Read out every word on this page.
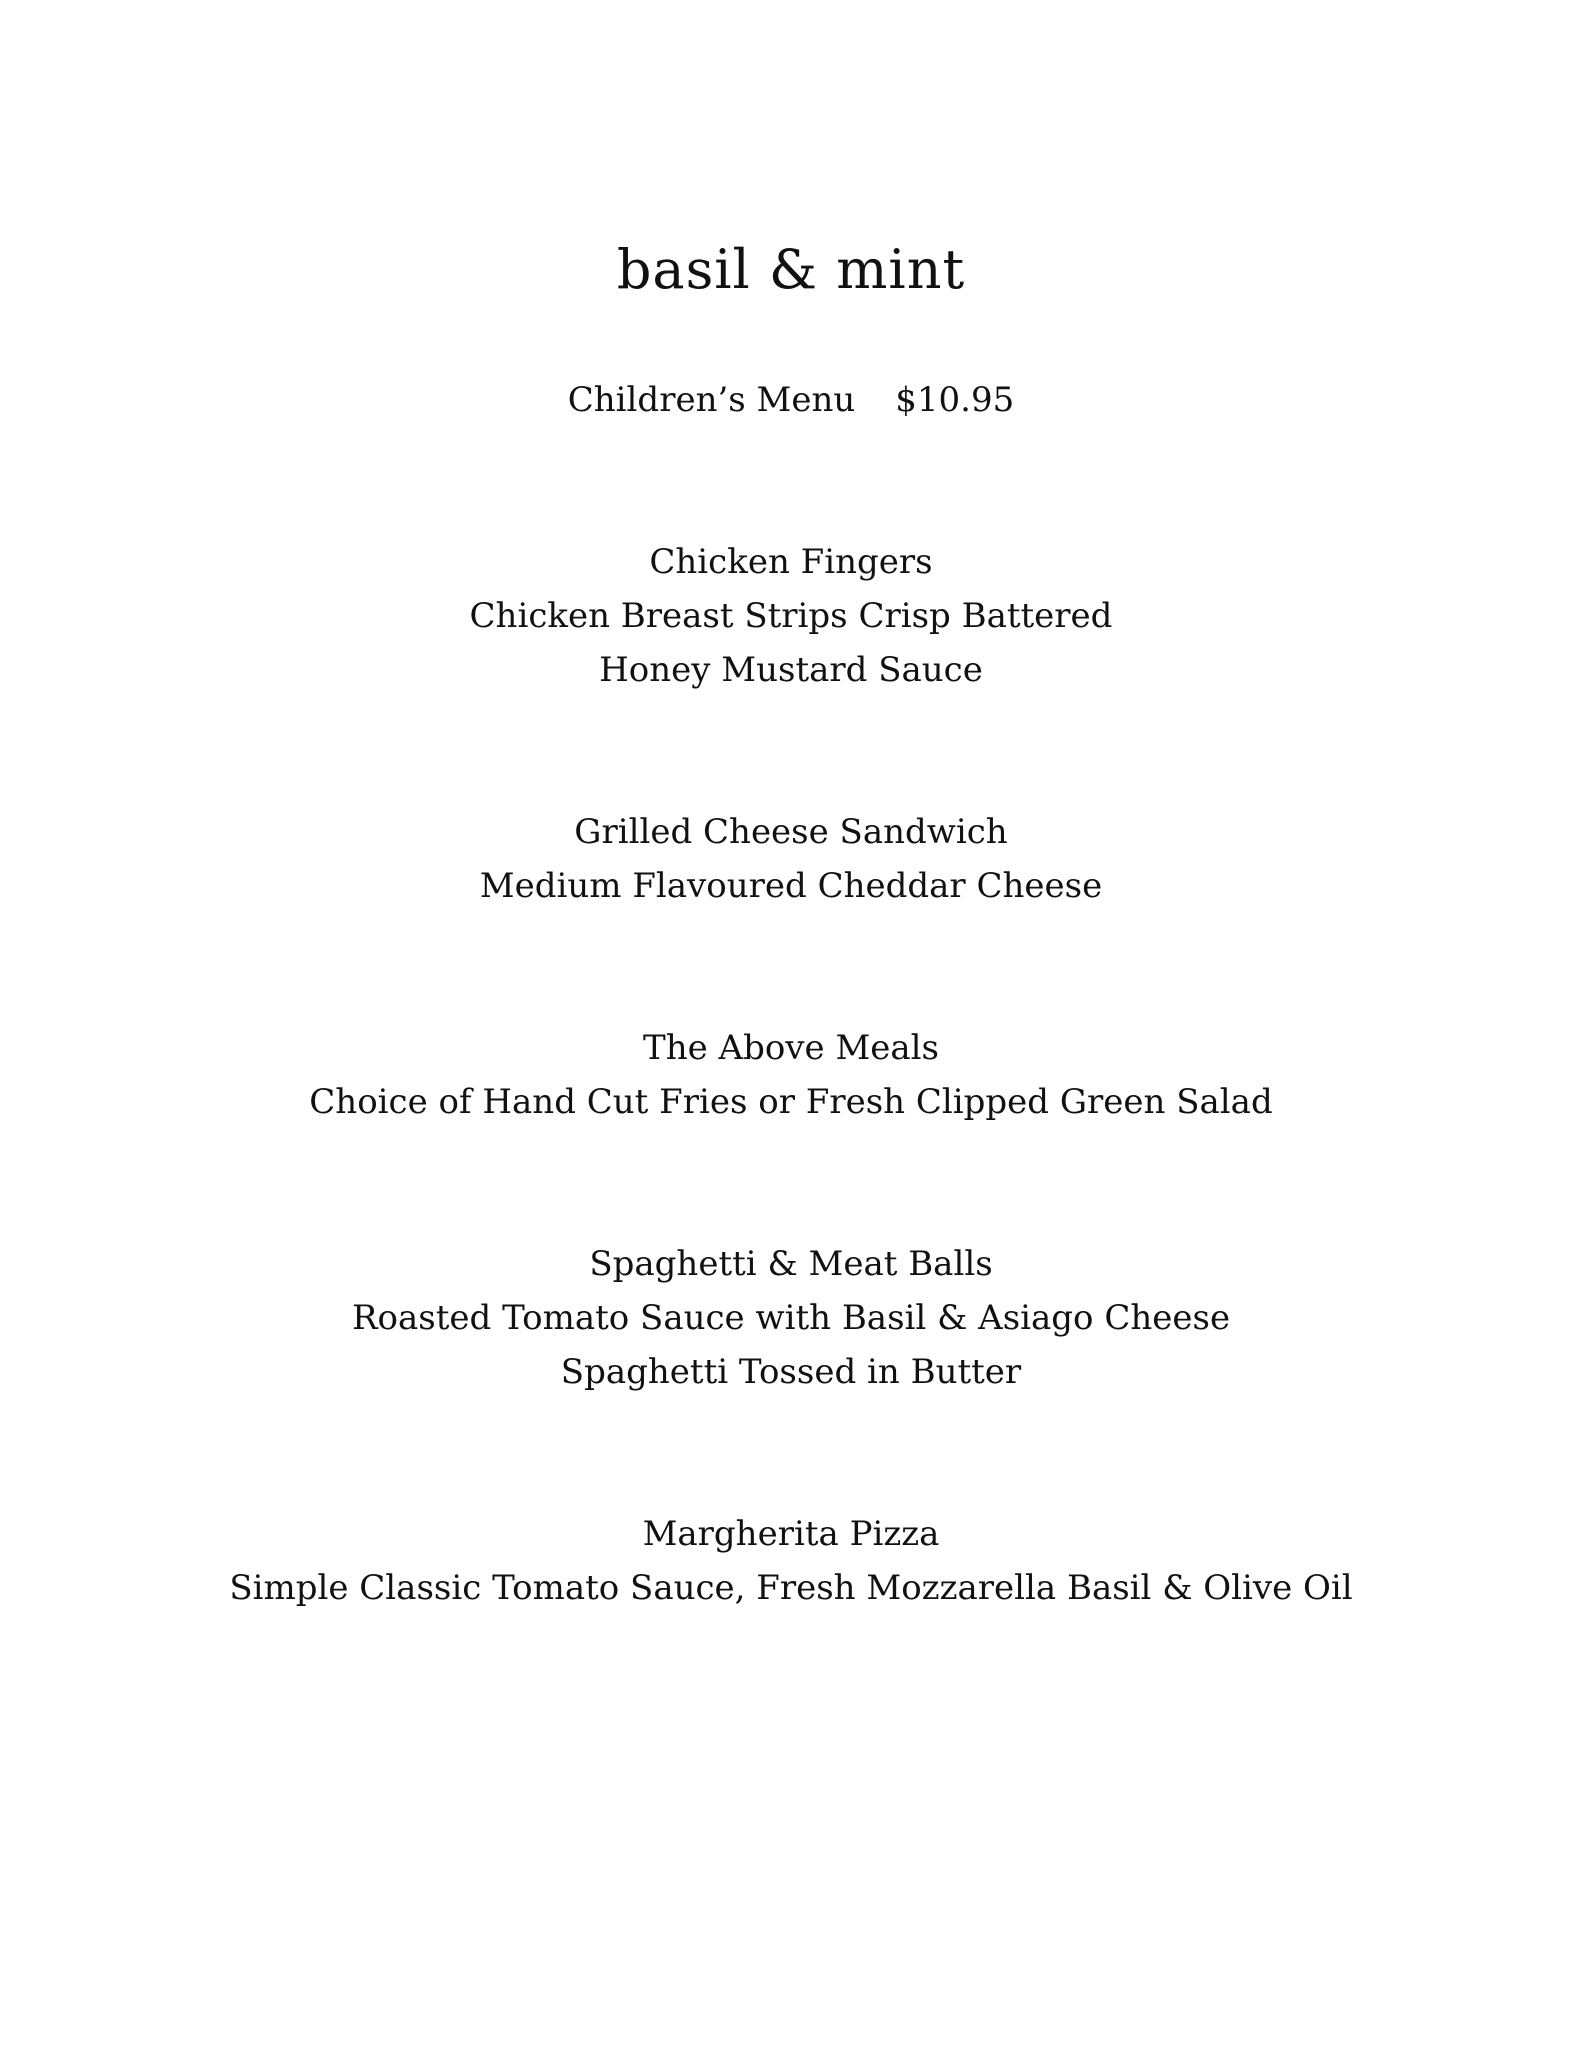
basil & mint
Children’s Menu $10.95
Chicken Fingers
Chicken Breast Strips Crisp Battered
Honey Mustard Sauce
Grilled Cheese Sandwich
Medium Flavoured Cheddar Cheese
The Above Meals
Choice of Hand Cut Fries or Fresh Clipped Green Salad
Spaghetti & Meat Balls
Roasted Tomato Sauce with Basil & Asiago Cheese
Spaghetti Tossed in Butter
Margherita Pizza
Simple Classic Tomato Sauce, Fresh Mozzarella Basil & Olive Oil
